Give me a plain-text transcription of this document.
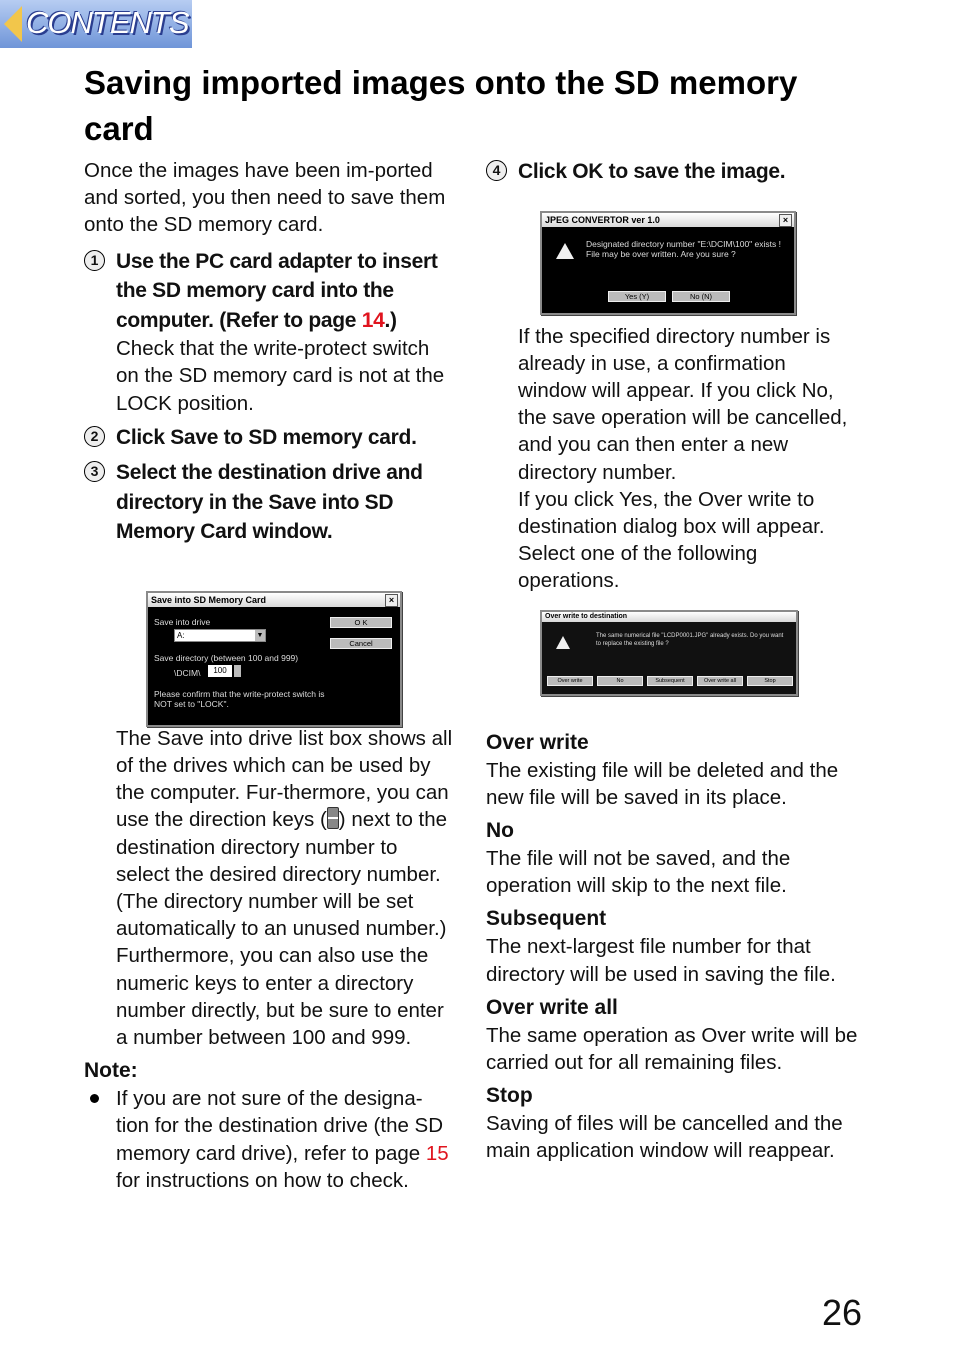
CONTENTS
Saving imported images onto the SD memory card

Once the images have been im-ported and sorted, you then need to save them onto the SD memory card.

1 Use the PC card adapter to insert the SD memory card into the computer. (Refer to page 14.)

Check that the write-protect switch on the SD memory card is not at the LOCK position.

2 Click Save to SD memory card.
3 Select the destination drive and directory in the Save into SD Memory Card window.

The Save into drive list box shows all of the drives which can be used by the computer. Fur-thermore, you can use the direction keys ( ) next to the destination directory number to select the desired directory number. (The directory number will be set automatically to an unused number.) Furthermore, you can also use the numeric keys to enter a directory number directly, but be sure to enter a number between 100 and 999.

Note:

If you are not sure of the designa-tion for the destination drive (the SD memory card drive), refer to page 15 for instructions on how to check.
Save into SD Memory Card	×
Save into drive
A:	▼
O K
Cancel
Save directory (between 100 and 999)
\DCIM\	100
Please confirm that the write-protect switch is NOT set to "LOCK".
4 Click OK to save the image.

If the specified directory number is already in use, a confirmation window will appear. If you click No, the save operation will be cancelled, and you can then enter a new directory number.

If you click Yes, the Over write to destination dialog box will appear. Select one of the following operations.

Over write

The existing file will be deleted and the new file will be saved in its place.

No

The file will not be saved, and the operation will skip to the next file.

Subsequent

The next-largest file number for that directory will be used in saving the file.

Over write all

The same operation as Over write will be carried out for all remaining files.

Stop

Saving of files will be cancelled and the main application window will reappear.

JPEG CONVERTOR ver 1.0	×
Designated directory number "E:\DCIM\100" exists ! File may be over written. Are you sure ?
Yes (Y)	No (N)
Over write to destination
The same numerical file "LCDP0001.JPG" already exists. Do you want to replace the existing file ?
Over write	No	Subsequent	Over write all	Stop
26
